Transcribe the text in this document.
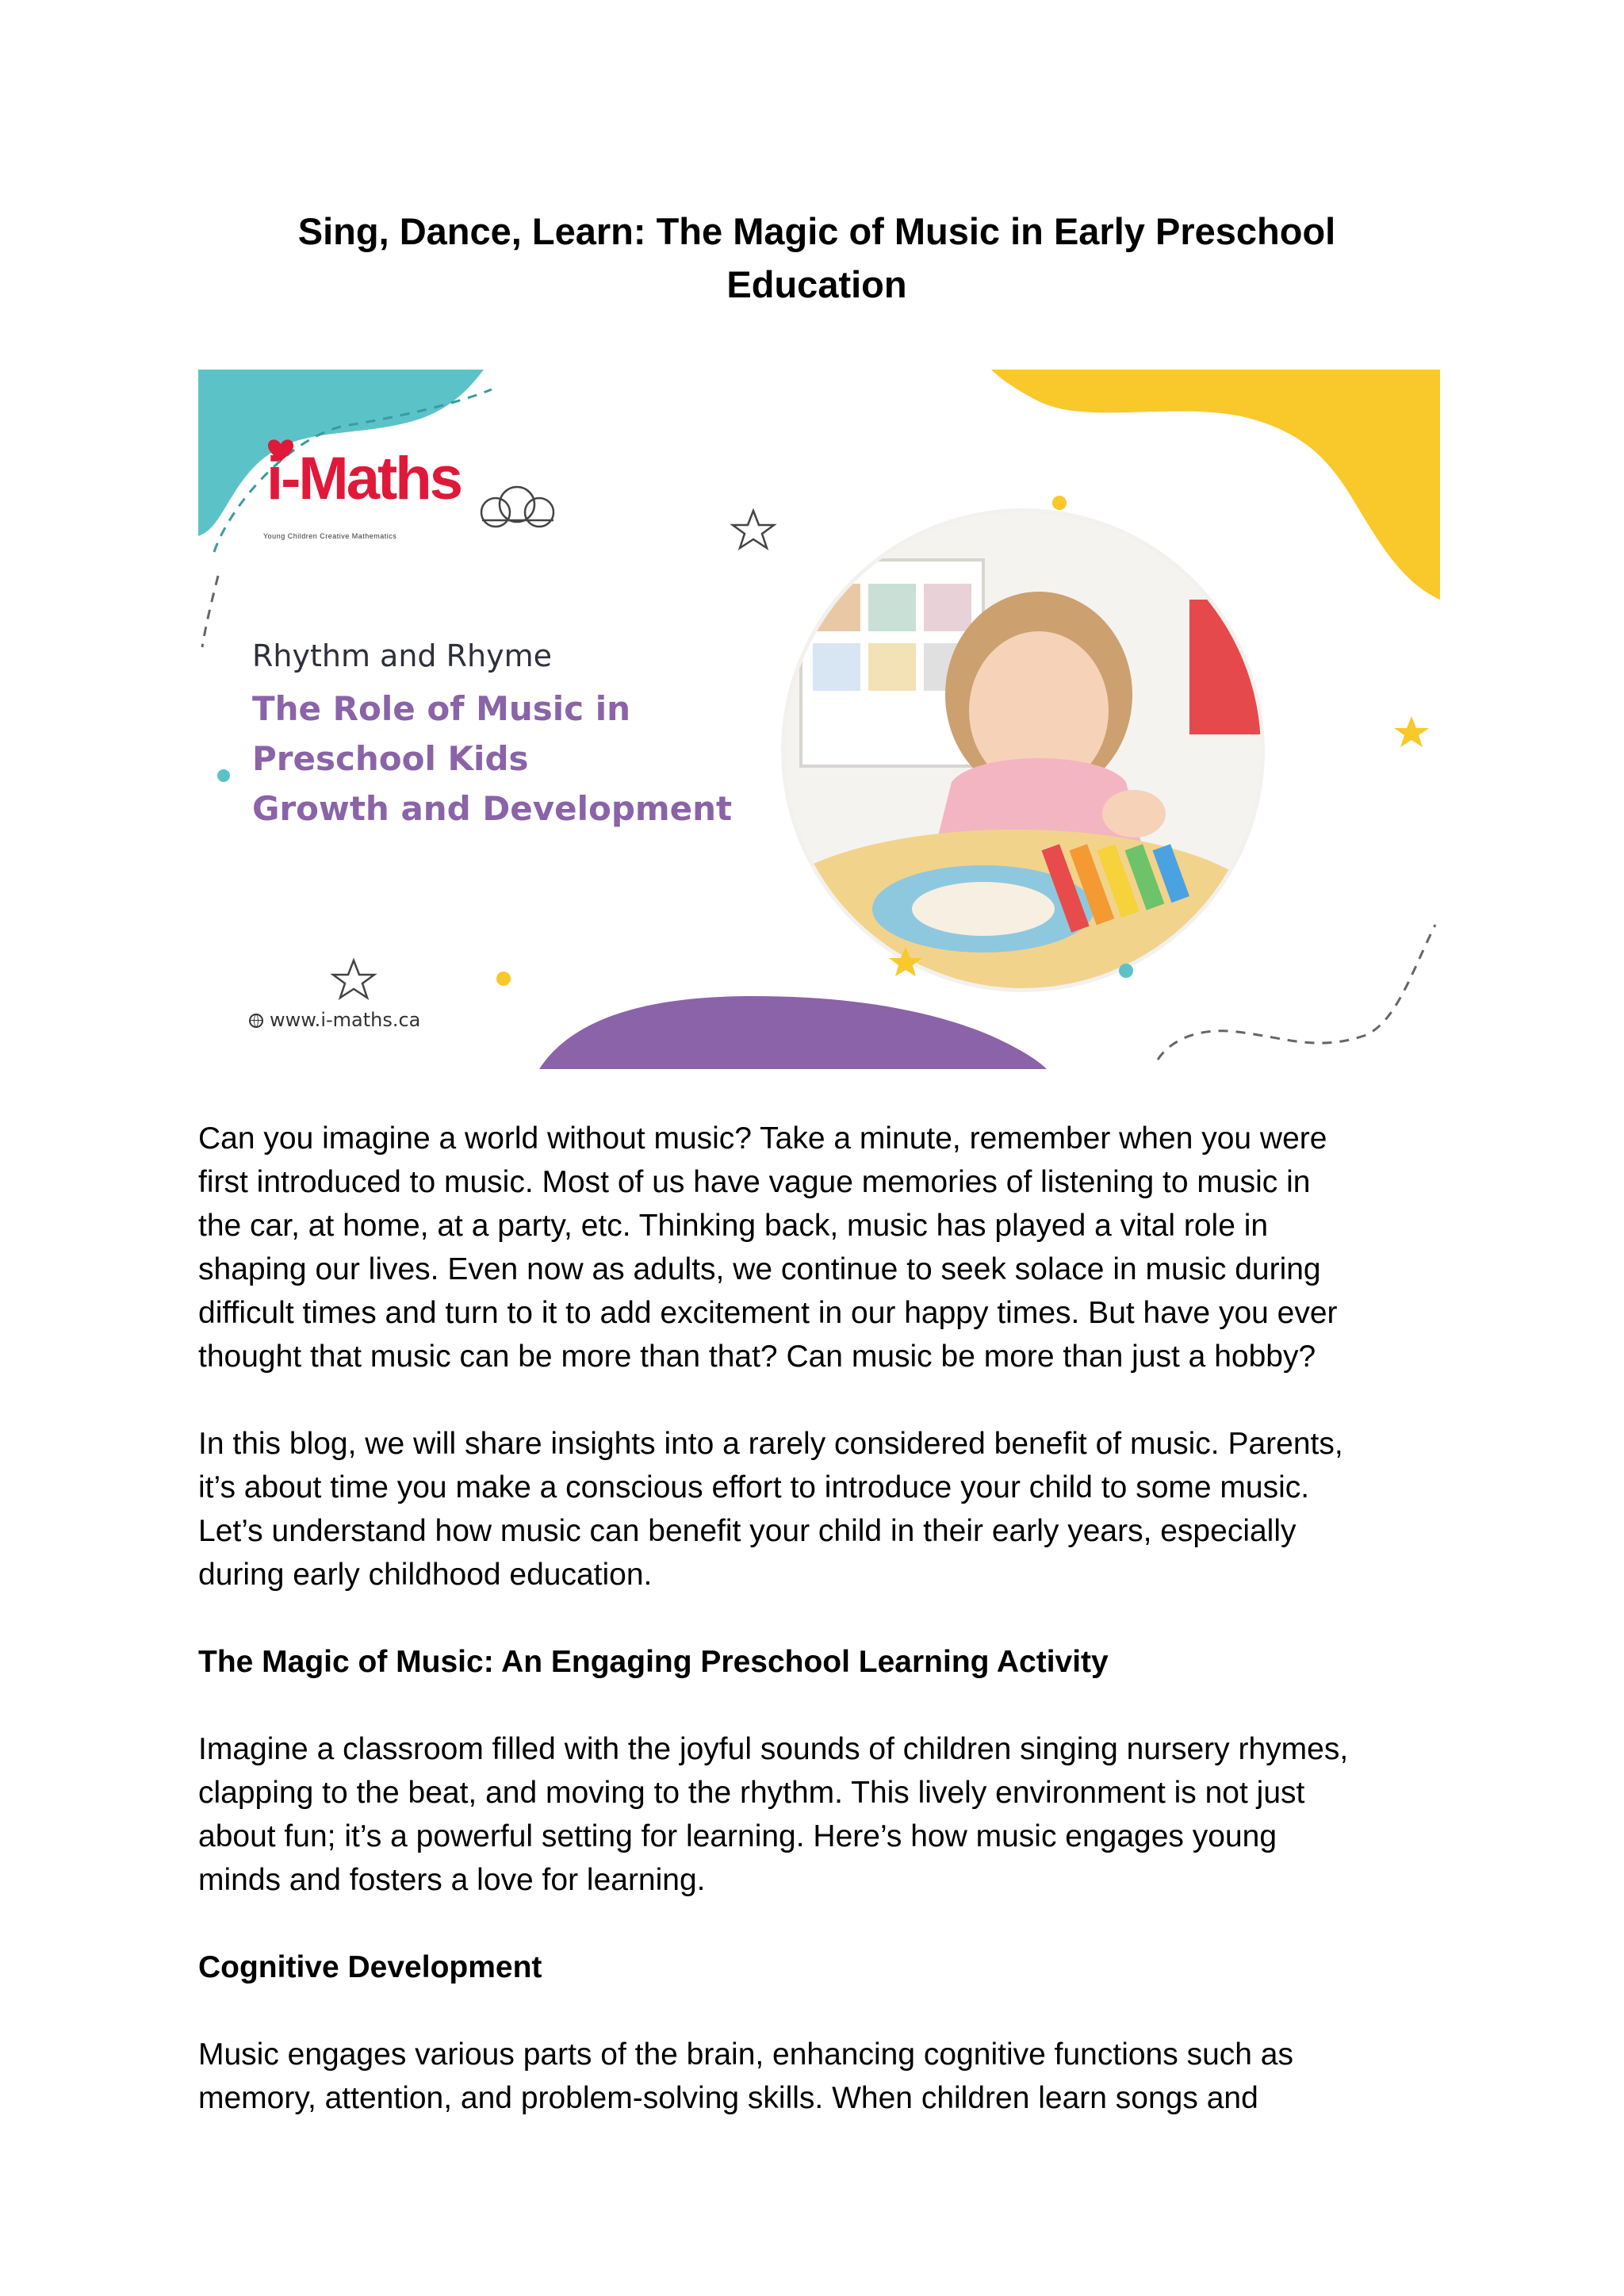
Sing, Dance, Learn: The Magic of Music in Early Preschool
Education
i-Maths
Young Children Creative Mathematics
Rhythm and Rhyme
The Role of Music in
Preschool Kids
Growth and Development
www.i-maths.ca

Can you imagine a world without music? Take a minute, remember when you were
first introduced to music. Most of us have vague memories of listening to music in
the car, at home, at a party, etc. Thinking back, music has played a vital role in
shaping our lives. Even now as adults, we continue to seek solace in music during
difficult times and turn to it to add excitement in our happy times. But have you ever
thought that music can be more than that? Can music be more than just a hobby?

In this blog, we will share insights into a rarely considered benefit of music. Parents,
it’s about time you make a conscious effort to introduce your child to some music.
Let’s understand how music can benefit your child in their early years, especially
during early childhood education.

The Magic of Music: An Engaging Preschool Learning Activity

Imagine a classroom filled with the joyful sounds of children singing nursery rhymes,
clapping to the beat, and moving to the rhythm. This lively environment is not just
about fun; it’s a powerful setting for learning. Here’s how music engages young
minds and fosters a love for learning.

Cognitive Development

Music engages various parts of the brain, enhancing cognitive functions such as
memory, attention, and problem-solving skills. When children learn songs and
